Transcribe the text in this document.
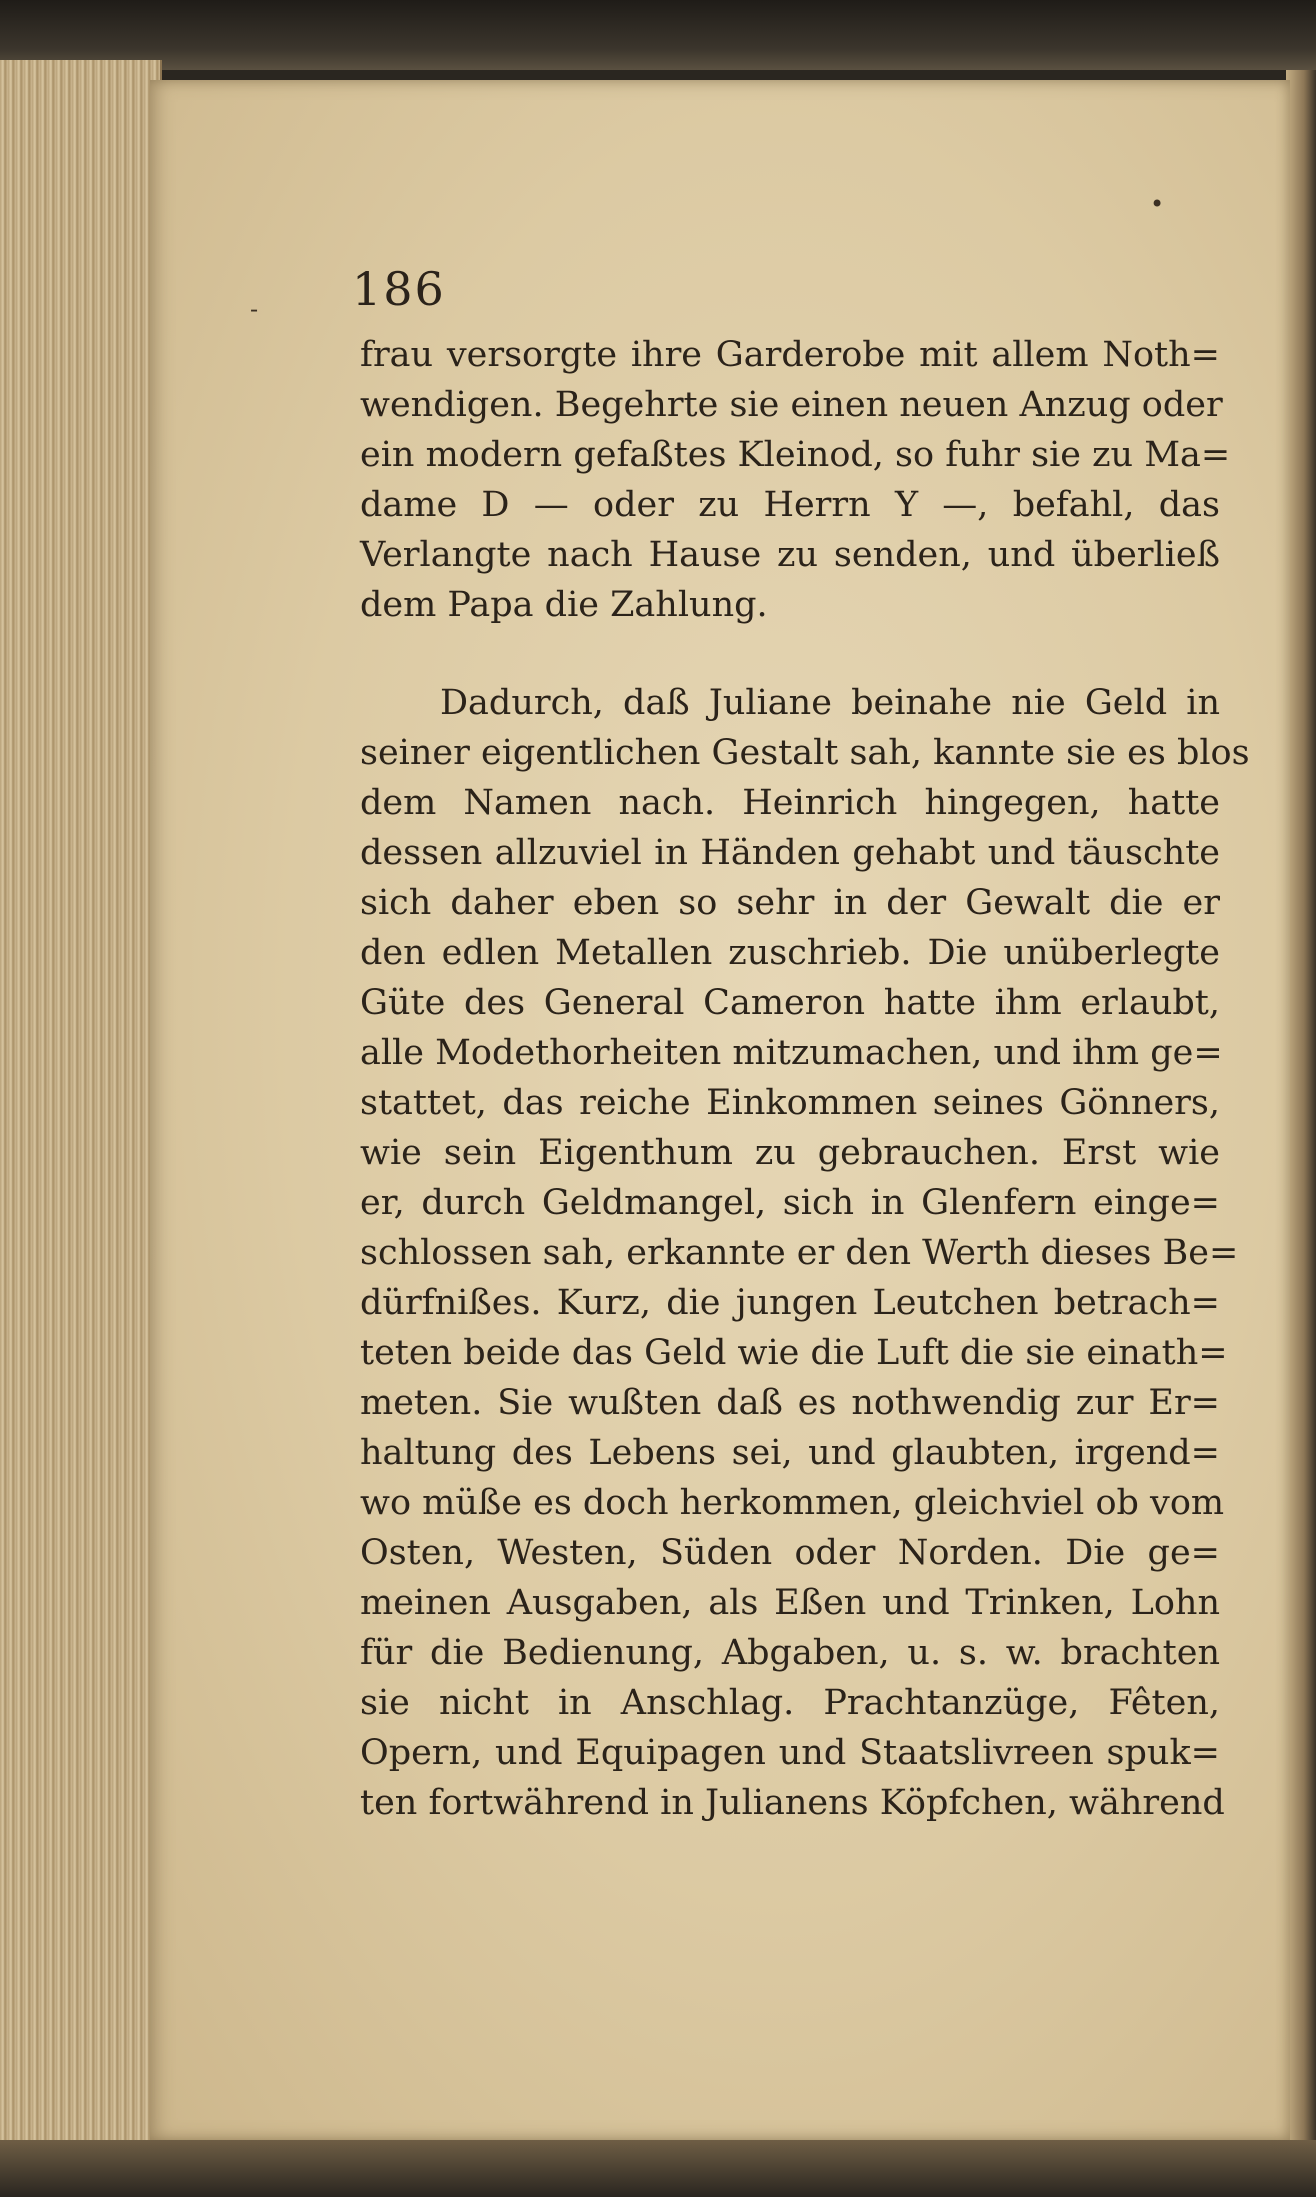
•
- 186
frau versorgte ihre Garderobe mit allem Noth=
wendigen. Begehrte sie einen neuen Anzug oder
ein modern gefaßtes Kleinod, so fuhr sie zu Ma=
dame D — oder zu Herrn Y —, befahl, das
Verlangte nach Hause zu senden, und überließ
dem Papa die Zahlung.
Dadurch, daß Juliane beinahe nie Geld in
seiner eigentlichen Gestalt sah, kannte sie es blos
dem Namen nach. Heinrich hingegen, hatte
dessen allzuviel in Händen gehabt und täuschte
sich daher eben so sehr in der Gewalt die er
den edlen Metallen zuschrieb. Die unüberlegte
Güte des General Cameron hatte ihm erlaubt,
alle Modethorheiten mitzumachen, und ihm ge=
stattet, das reiche Einkommen seines Gönners,
wie sein Eigenthum zu gebrauchen. Erst wie
er, durch Geldmangel, sich in Glenfern einge=
schlossen sah, erkannte er den Werth dieses Be=
dürfnißes. Kurz, die jungen Leutchen betrach=
teten beide das Geld wie die Luft die sie einath=
meten. Sie wußten daß es nothwendig zur Er=
haltung des Lebens sei, und glaubten, irgend=
wo müße es doch herkommen, gleichviel ob vom
Osten, Westen, Süden oder Norden. Die ge=
meinen Ausgaben, als Eßen und Trinken, Lohn
für die Bedienung, Abgaben, u. s. w. brachten
sie nicht in Anschlag. Prachtanzüge, Fêten,
Opern, und Equipagen und Staatslivreen spuk=
ten fortwährend in Julianens Köpfchen, während
